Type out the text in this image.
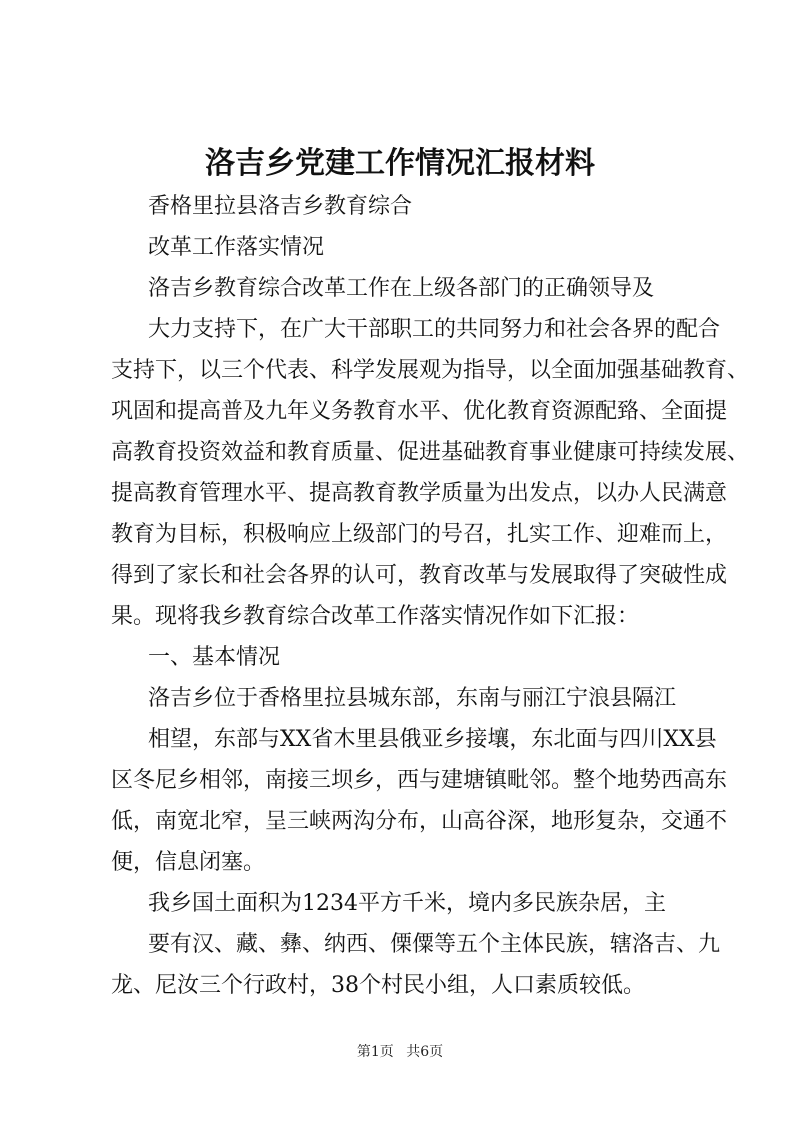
洛吉乡党建工作情况汇报材料
香格里拉县洛吉乡教育综合
改革工作落实情况
洛吉乡教育综合改革工作在上级各部门的正确领导及
大力支持下，在广大干部职工的共同努力和社会各界的配合
支持下，以三个代表、科学发展观为指导，以全面加强基础教育、
巩固和提高普及九年义务教育水平、优化教育资源配臵、全面提
高教育投资效益和教育质量、促进基础教育事业健康可持续发展、
提高教育管理水平、提高教育教学质量为出发点，以办人民满意
教育为目标，积极响应上级部门的号召，扎实工作、迎难而上，
得到了家长和社会各界的认可，教育改革与发展取得了突破性成
果。现将我乡教育综合改革工作落实情况作如下汇报：
一、基本情况
洛吉乡位于香格里拉县城东部，东南与丽江宁浪县隔江
相望，东部与XX省木里县俄亚乡接壤，东北面与四川XX县
区冬尼乡相邻，南接三坝乡，西与建塘镇毗邻。整个地势西高东
低，南宽北窄，呈三峡两沟分布，山高谷深，地形复杂，交通不
便，信息闭塞。
我乡国土面积为1234平方千米，境内多民族杂居，主
要有汉、藏、彝、纳西、傈僳等五个主体民族，辖洛吉、九
龙、尼汝三个行政村，38个村民小组，人口素质较低。
第1页 共6页
